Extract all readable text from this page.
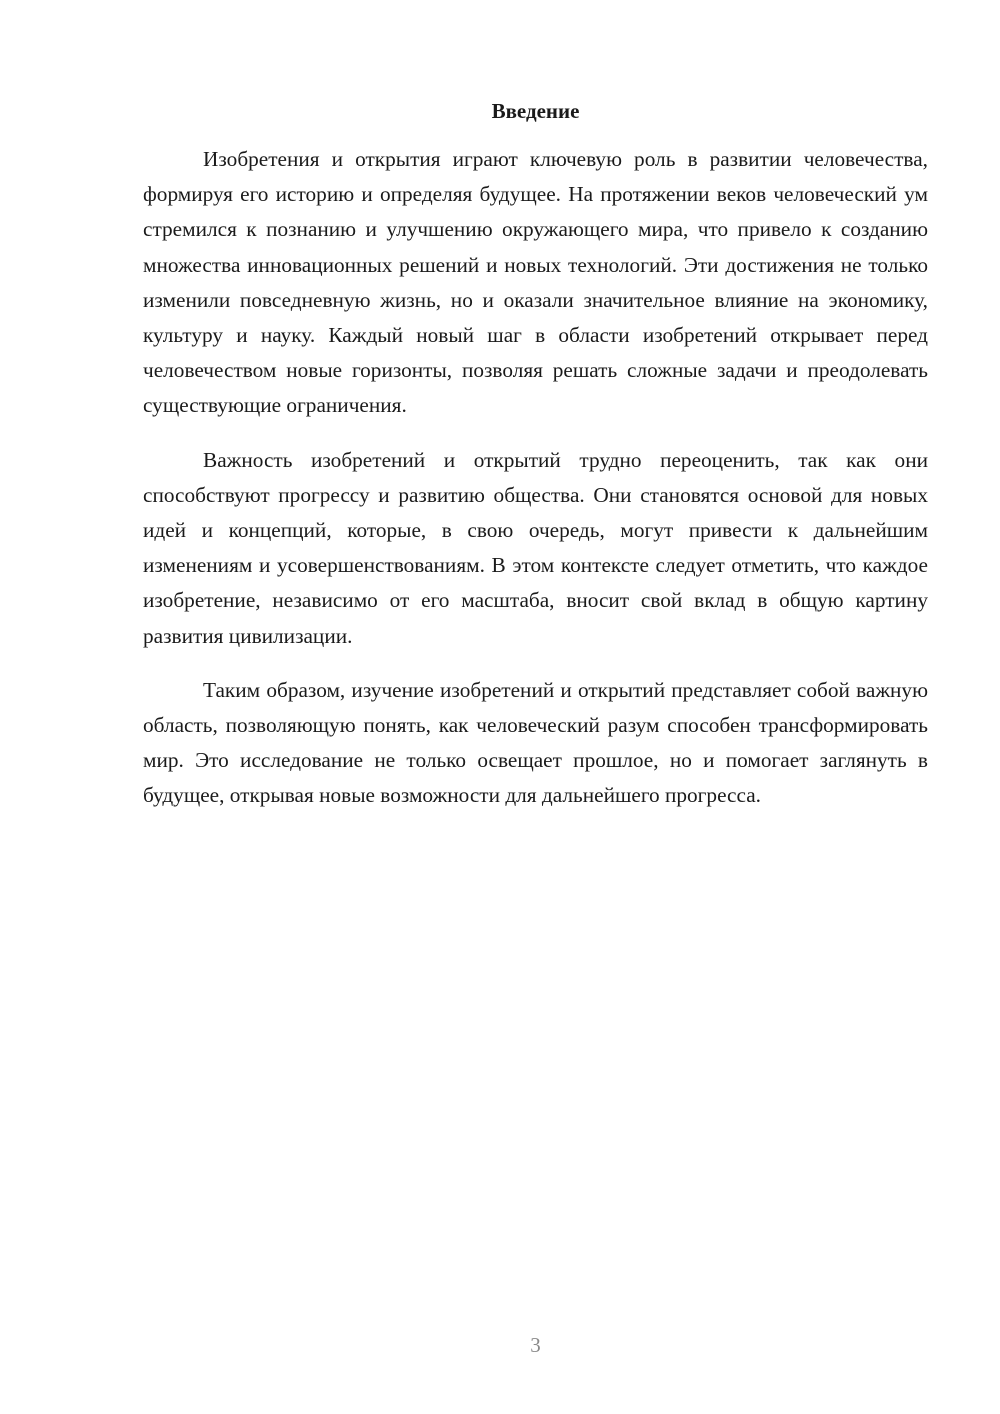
Введение

Изобретения и открытия играют ключевую роль в развитии человечества, формируя его историю и определяя будущее. На протяжении веков человеческий ум стремился к познанию и улучшению окружающего мира, что привело к созданию множества инновационных решений и новых технологий. Эти достижения не только изменили повседневную жизнь, но и оказали значительное влияние на экономику, культуру и науку. Каждый новый шаг в области изобретений открывает перед человечеством новые горизонты, позволяя решать сложные задачи и преодолевать существующие ограничения.

Важность изобретений и открытий трудно переоценить, так как они способствуют прогрессу и развитию общества. Они становятся основой для новых идей и концепций, которые, в свою очередь, могут привести к дальнейшим изменениям и усовершенствованиям. В этом контексте следует отметить, что каждое изобретение, независимо от его масштаба, вносит свой вклад в общую картину развития цивилизации.

Таким образом, изучение изобретений и открытий представляет собой важную область, позволяющую понять, как человеческий разум способен трансформировать мир. Это исследование не только освещает прошлое, но и помогает заглянуть в будущее, открывая новые возможности для дальнейшего прогресса.

3
